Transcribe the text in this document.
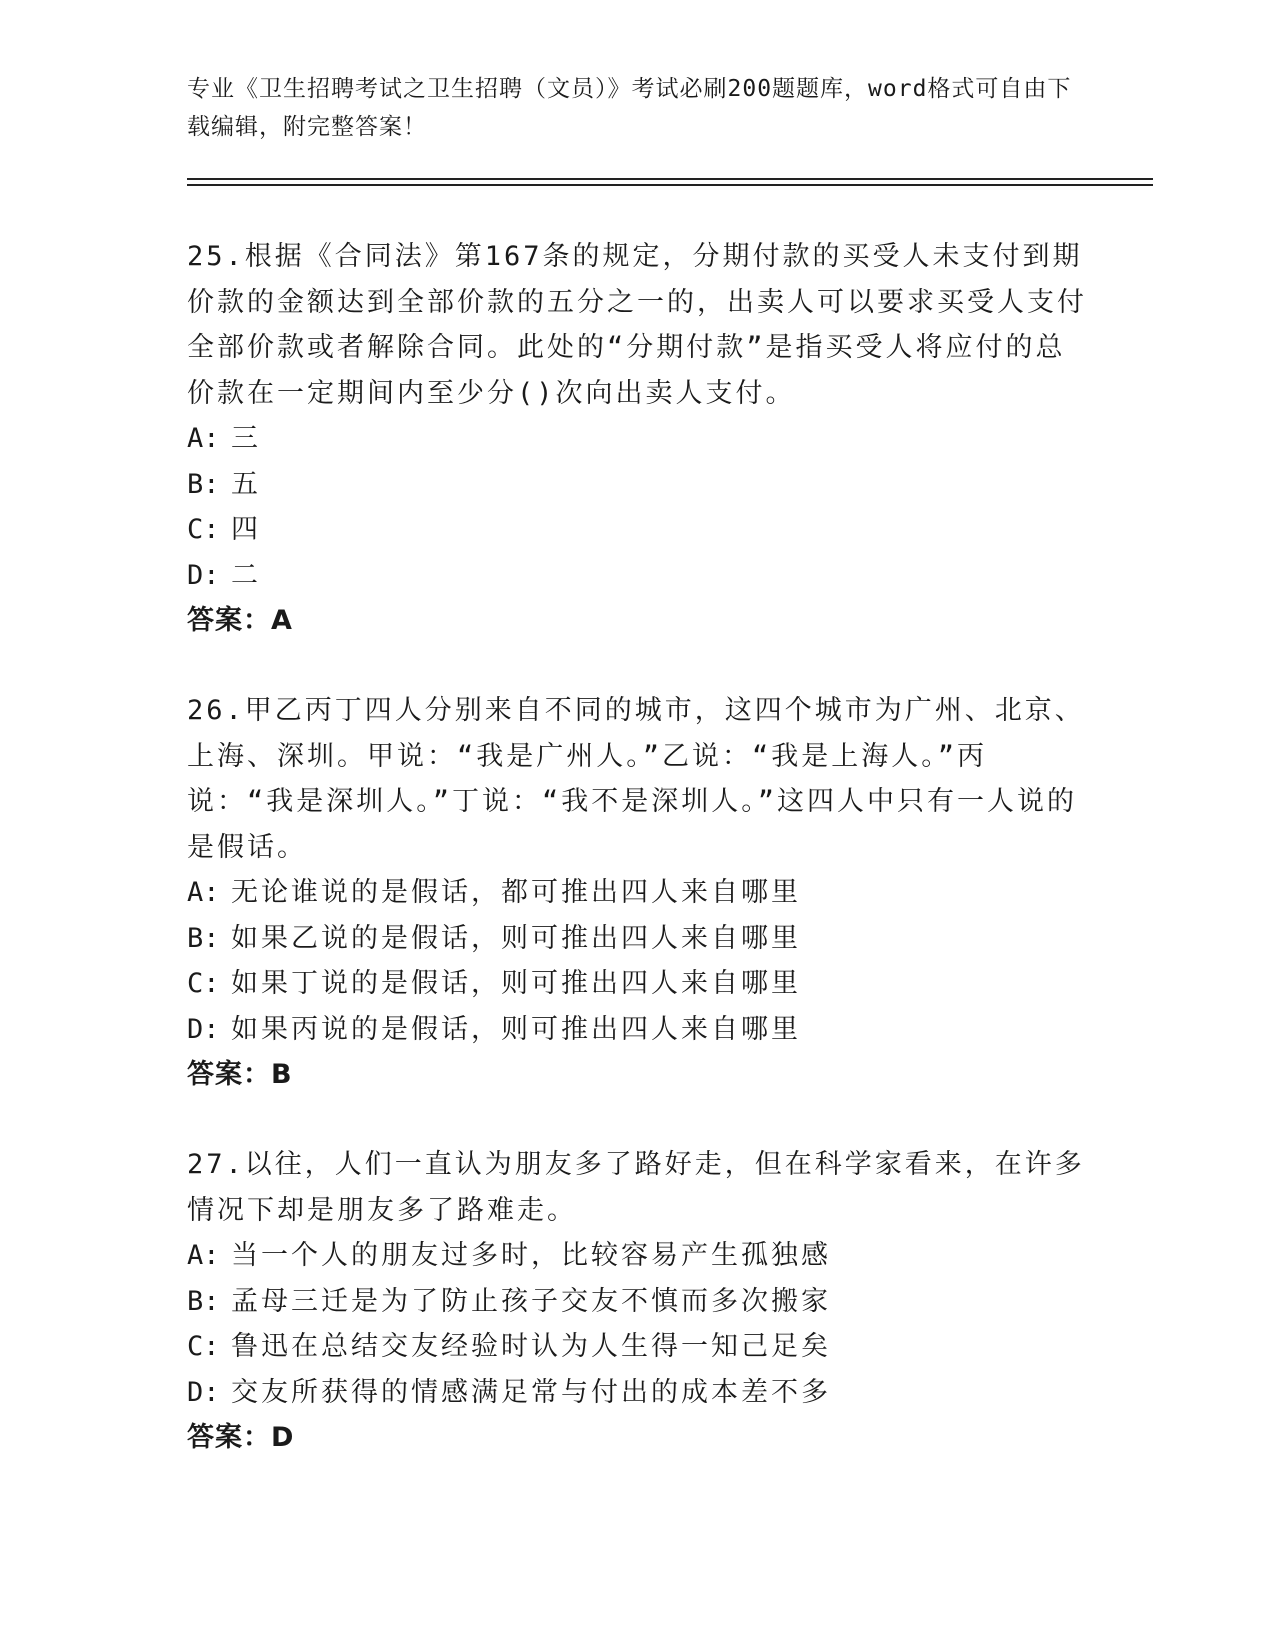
专业《卫生招聘考试之卫生招聘（文员）》考试必刷200题题库，word格式可自由下载编辑，附完整答案！
25.根据《合同法》第167条的规定，分期付款的买受人未支付到期价款的金额达到全部价款的五分之一的，出卖人可以要求买受人支付全部价款或者解除合同。此处的“分期付款”是指买受人将应付的总价款在一定期间内至少分()次向出卖人支付。
A: 三
B: 五
C: 四
D: 二
答案：A
26.甲乙丙丁四人分别来自不同的城市，这四个城市为广州、北京、上海、深圳。甲说：“我是广州人。”乙说：“我是上海人。”丙说：“我是深圳人。”丁说：“我不是深圳人。”这四人中只有一人说的是假话。
A: 无论谁说的是假话，都可推出四人来自哪里
B: 如果乙说的是假话，则可推出四人来自哪里
C: 如果丁说的是假话，则可推出四人来自哪里
D: 如果丙说的是假话，则可推出四人来自哪里
答案：B
27.以往，人们一直认为朋友多了路好走，但在科学家看来，在许多情况下却是朋友多了路难走。
A: 当一个人的朋友过多时，比较容易产生孤独感
B: 孟母三迁是为了防止孩子交友不慎而多次搬家
C: 鲁迅在总结交友经验时认为人生得一知己足矣
D: 交友所获得的情感满足常与付出的成本差不多
答案：D
